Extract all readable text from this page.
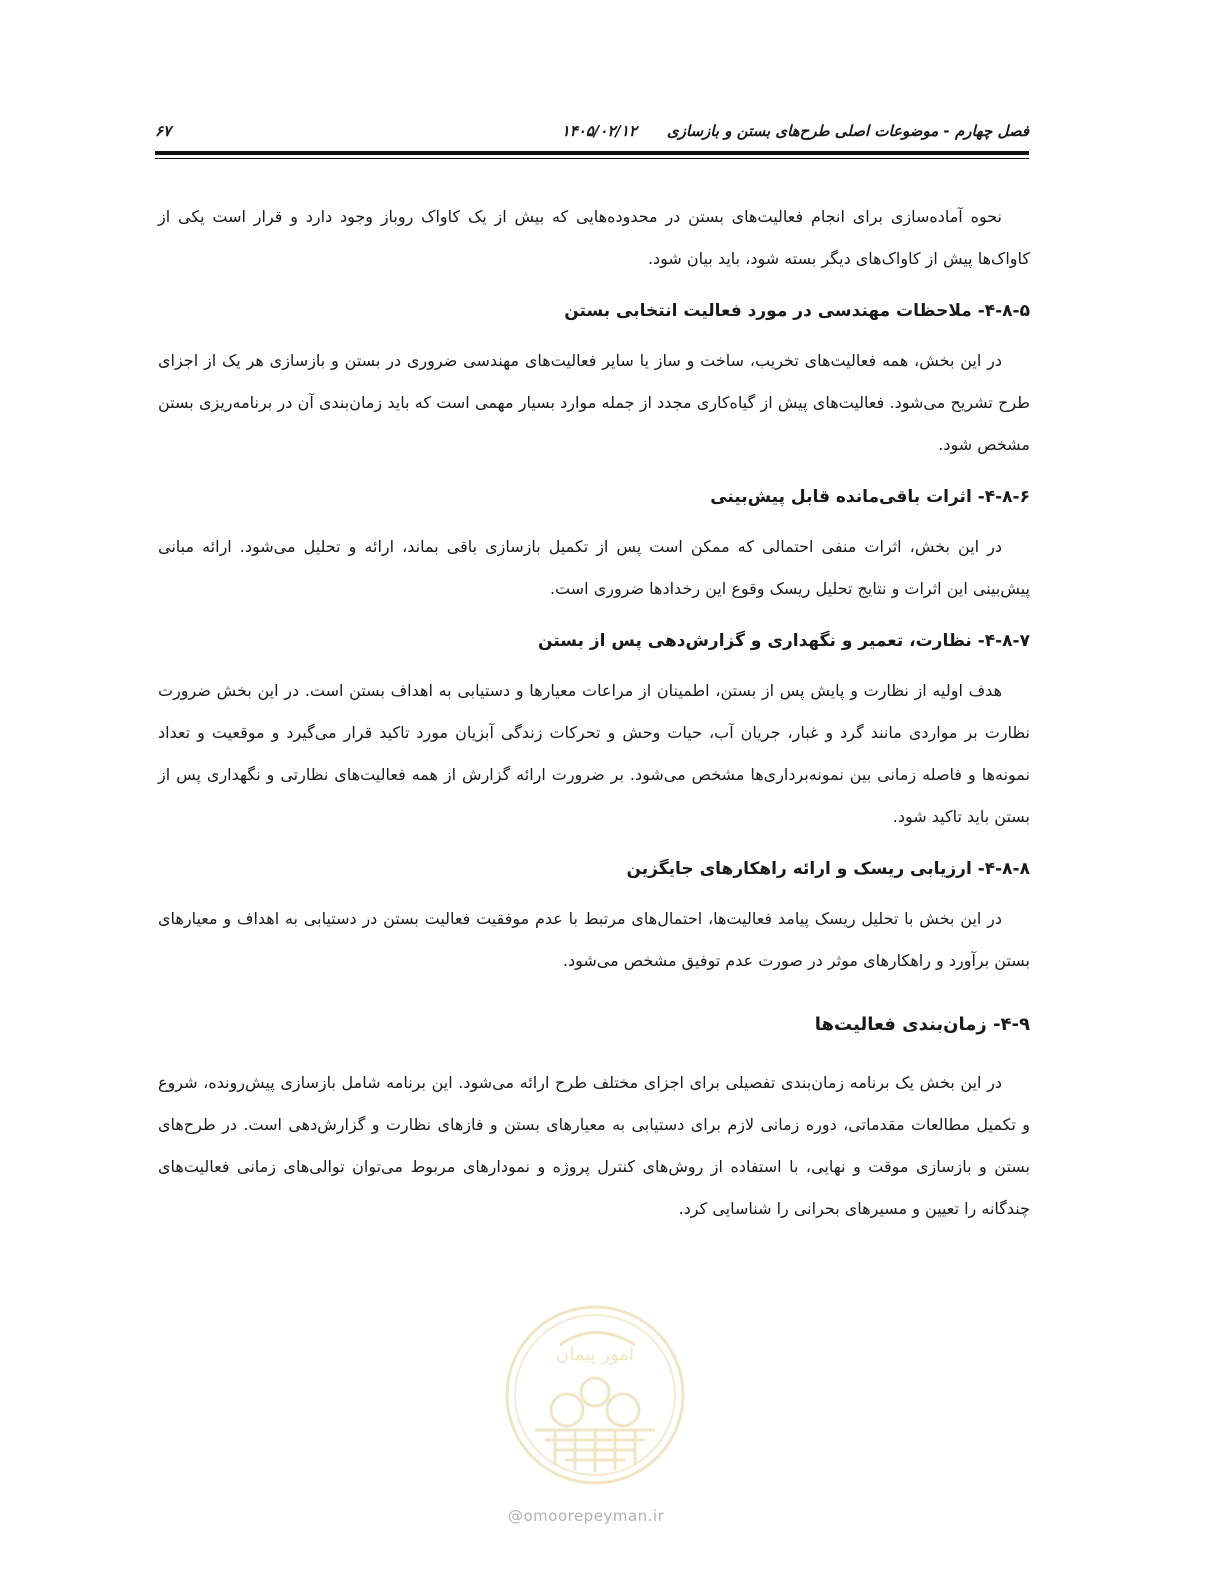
فصل چهارم - موضوعات اصلی طرح‌های بستن و بازسازی
۱۴۰۵/۰۲/۱۲
۶۷

نحوه آماده‌سازی برای انجام فعالیت‌های بستن در محدوده‌هایی که بیش از یک کاواک روباز وجود دارد و قرار است یکی از کاواک‌ها پیش از کاواک‌های دیگر بسته شود، باید بیان شود.

۴-۸-۵- ملاحظات مهندسی در مورد فعالیت انتخابی بستن

در این بخش، همه فعالیت‌های تخریب، ساخت و ساز یا سایر فعالیت‌های مهندسی ضروری در بستن و بازسازی هر یک از اجزای طرح تشریح می‌شود. فعالیت‌های پیش از گیاه‌کاری مجدد از جمله موارد بسیار مهمی است که باید زمان‌بندی آن در برنامه‌ریزی بستن مشخص شود.

۴-۸-۶- اثرات باقی‌مانده قابل پیش‌بینی

در این بخش، اثرات منفی احتمالی که ممکن است پس از تکمیل بازسازی باقی بماند، ارائه و تحلیل می‌شود. ارائه مبانی پیش‌بینی این اثرات و نتایج تحلیل ریسک وقوع این رخدادها ضروری است.

۴-۸-۷- نظارت، تعمیر و نگهداری و گزارش‌دهی پس از بستن

هدف اولیه از نظارت و پایش پس از بستن، اطمینان از مراعات معیارها و دستیابی به اهداف بستن است. در این بخش ضرورت نظارت بر مواردی مانند گرد و غبار، جریان آب، حیات وحش و تحرکات زندگی آبزیان مورد تاکید قرار می‌گیرد و موقعیت و تعداد نمونه‌ها و فاصله زمانی بین نمونه‌برداری‌ها مشخص می‌شود. بر ضرورت ارائه گزارش از همه فعالیت‌های نظارتی و نگهداری پس از بستن باید تاکید شود.

۴-۸-۸- ارزیابی ریسک و ارائه راهکارهای جایگزین

در این بخش با تحلیل ریسک پیامد فعالیت‌ها، احتمال‌های مرتبط با عدم موفقیت فعالیت بستن در دستیابی به اهداف و معیارهای بستن برآورد و راهکارهای موثر در صورت عدم توفیق مشخص می‌شود.

۴-۹- زمان‌بندی فعالیت‌ها

در این بخش یک برنامه زمان‌بندی تفصیلی برای اجزای مختلف طرح ارائه می‌شود. این برنامه شامل بازسازی پیش‌رونده، شروع و تکمیل مطالعات مقدماتی، دوره زمانی لازم برای دستیابی به معیارهای بستن و فازهای نظارت و گزارش‌دهی است. در طرح‌های بستن و بازسازی موقت و نهایی، با استفاده از روش‌های کنترل پروژه و نمودارهای مربوط می‌توان توالی‌های زمانی فعالیت‌های چندگانه را تعیین و مسیرهای بحرانی را شناسایی کرد.

امور پیمان
@omoorepeyman.ir
